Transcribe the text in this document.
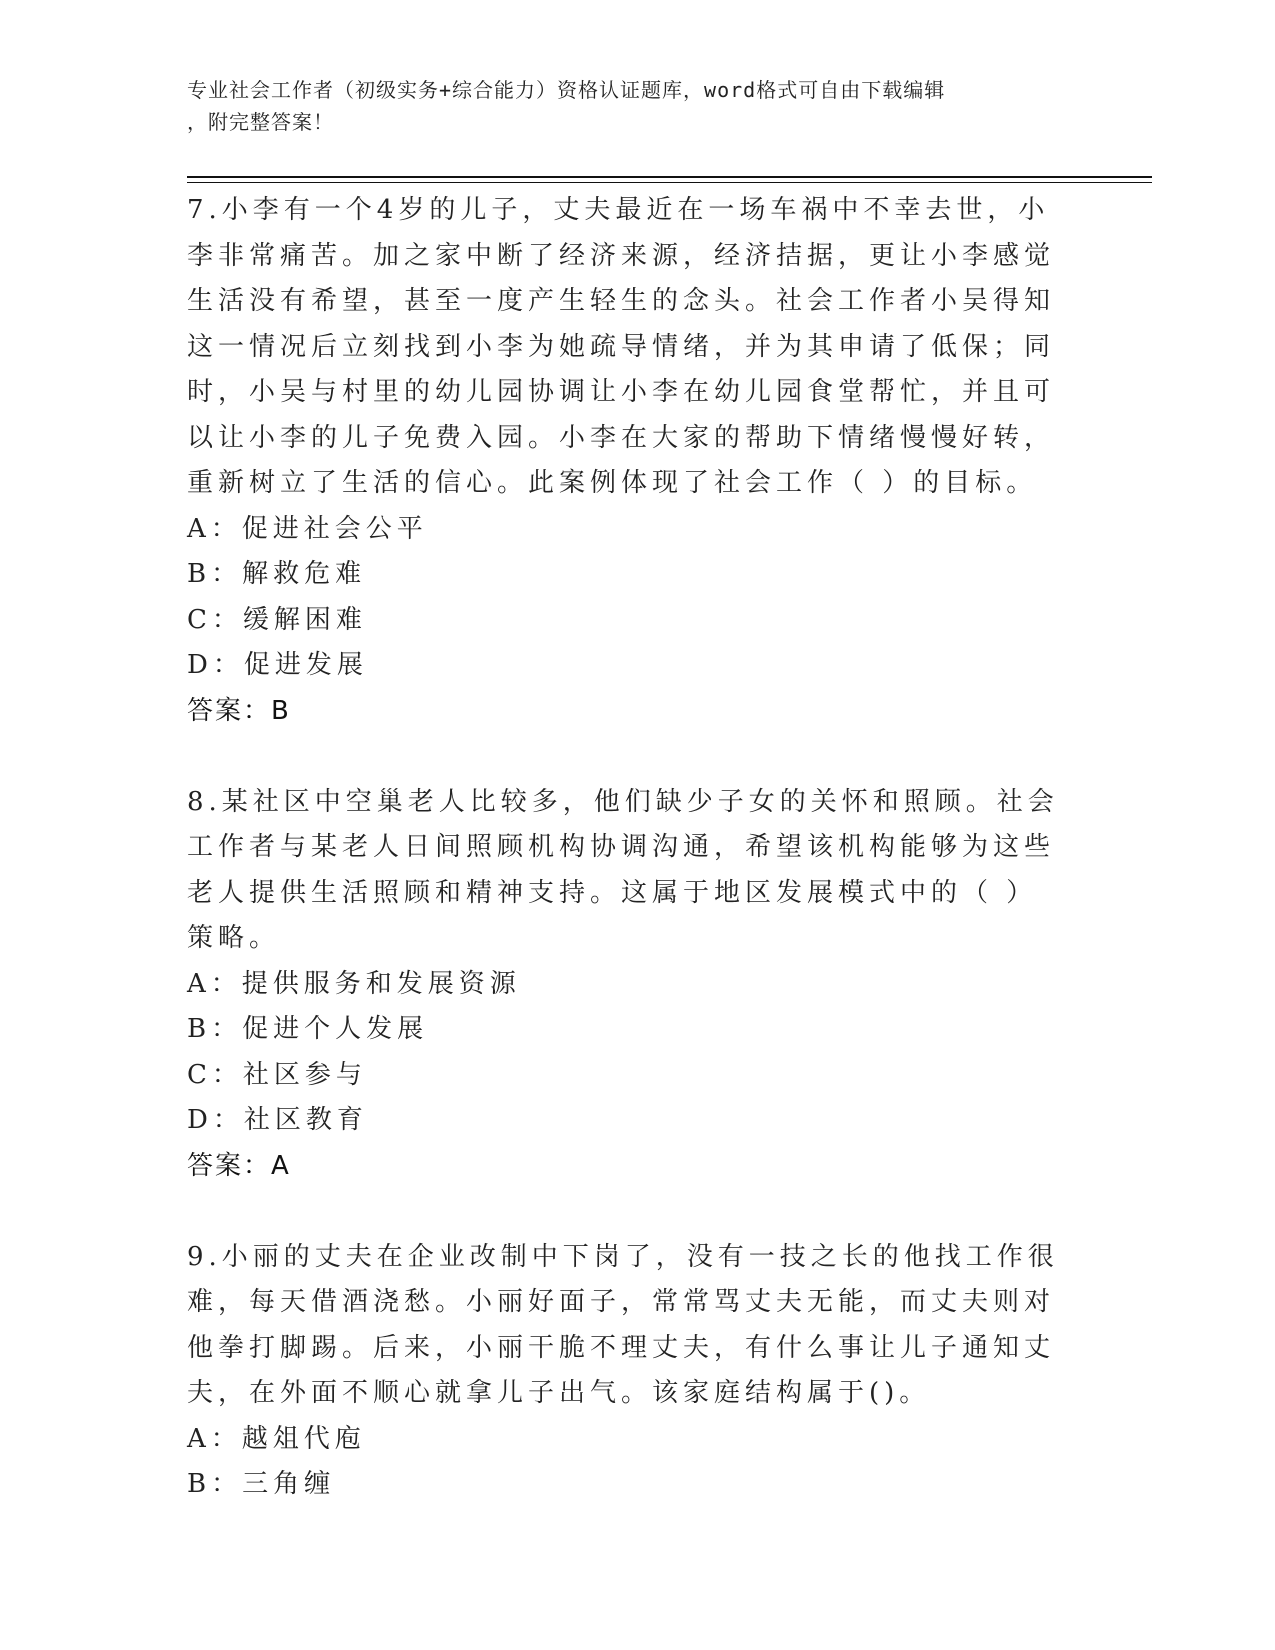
专业社会工作者（初级实务+综合能力）资格认证题库，word格式可自由下载编辑
，附完整答案！

7.小李有一个4岁的儿子，丈夫最近在一场车祸中不幸去世，小李非常痛苦。加之家中断了经济来源，经济拮据，更让小李感觉生活没有希望，甚至一度产生轻生的念头。社会工作者小吴得知这一情况后立刻找到小李为她疏导情绪，并为其申请了低保；同时，小吴与村里的幼儿园协调让小李在幼儿园食堂帮忙，并且可以让小李的儿子免费入园。小李在大家的帮助下情绪慢慢好转，重新树立了生活的信心。此案例体现了社会工作（ ）的目标。

A：促进社会公平
B：解救危难
C：缓解困难
D：促进发展

答案：B

8.某社区中空巢老人比较多，他们缺少子女的关怀和照顾。社会工作者与某老人日间照顾机构协调沟通，希望该机构能够为这些老人提供生活照顾和精神支持。这属于地区发展模式中的（ ）策略。

A：提供服务和发展资源
B：促进个人发展
C：社区参与
D：社区教育

答案：A

9.小丽的丈夫在企业改制中下岗了，没有一技之长的他找工作很难，每天借酒浇愁。小丽好面子，常常骂丈夫无能，而丈夫则对他拳打脚踢。后来，小丽干脆不理丈夫，有什么事让儿子通知丈夫，在外面不顺心就拿儿子出气。该家庭结构属于()。

A：越俎代庖
B：三角缠
